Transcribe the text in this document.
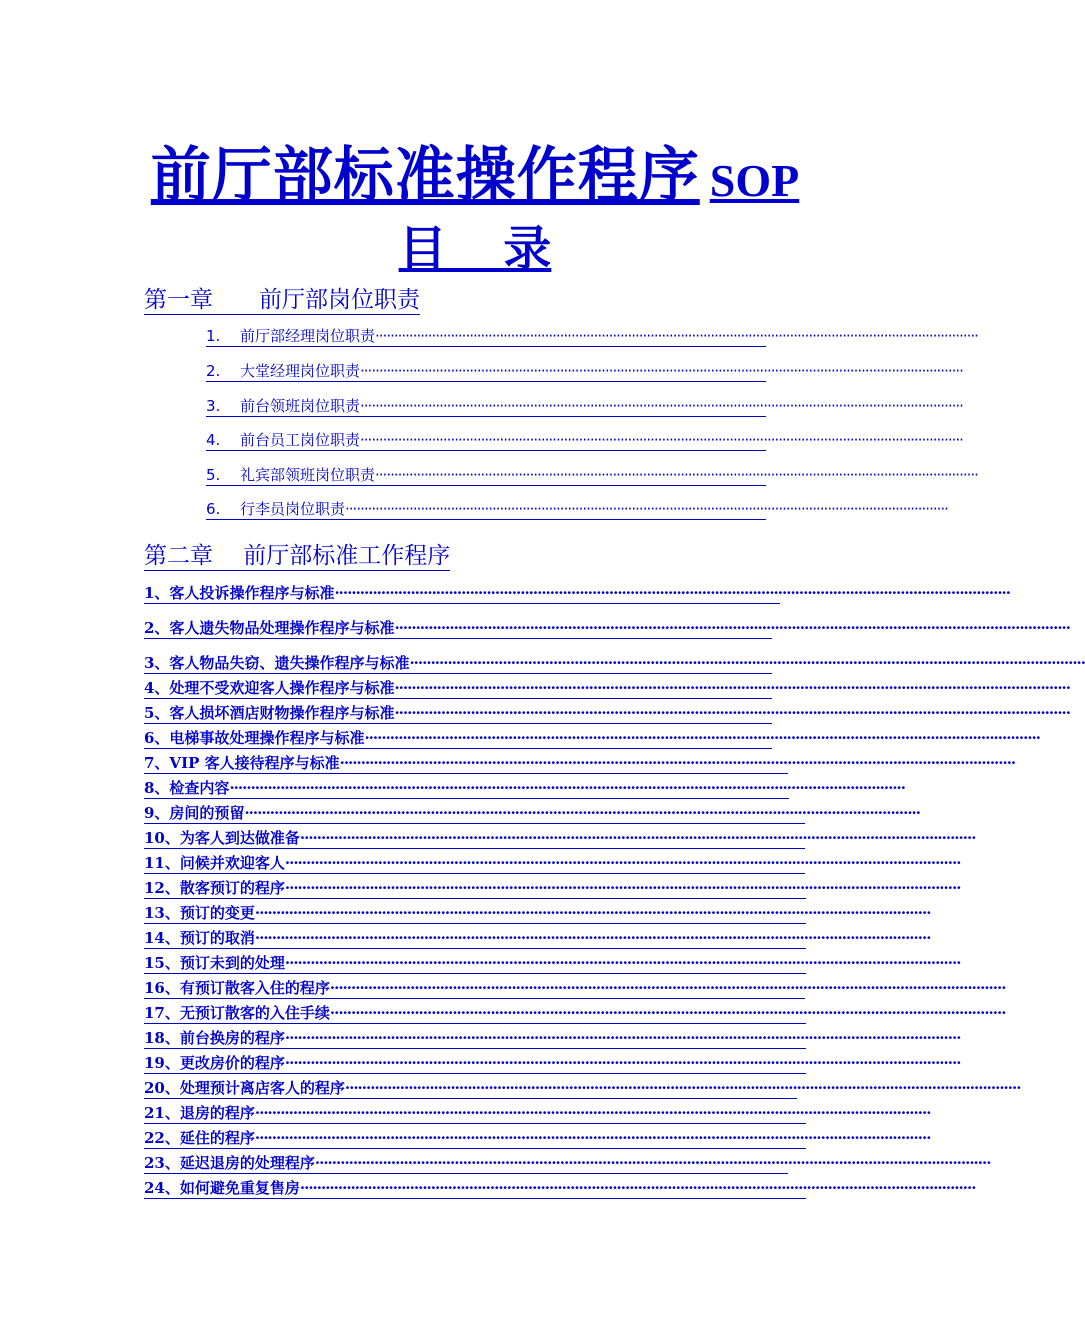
前厅部标准操作程序 SOP
目 录
第一章　　前厅部岗位职责
1.	前厅部经理岗位职责 ································································································································································
2.	大堂经理岗位职责 ································································································································································
3.	前台领班岗位职责 ································································································································································
4.	前台员工岗位职责 ································································································································································
5.	礼宾部领班岗位职责 ································································································································································
6.	行李员岗位职责 ································································································································································
第二章　 前厅部标准工作程序
1、客人投诉操作程序与标准 ································································································································································
2、客人遗失物品处理操作程序与标准 ································································································································································
3、客人物品失窃、遗失操作程序与标准 ································································································································································
4、处理不受欢迎客人操作程序与标准 ································································································································································
5、客人损坏酒店财物操作程序与标准 ································································································································································
6、电梯事故处理操作程序与标准 ································································································································································
7、VIP 客人接待程序与标准 ································································································································································
8、检查内容 ································································································································································
9、房间的预留 ································································································································································
10、为客人到达做准备 ································································································································································
11、问候并欢迎客人 ································································································································································
12、散客预订的程序 ································································································································································
13、预订的变更 ································································································································································
14、预订的取消 ································································································································································
15、预订未到的处理 ································································································································································
16、有预订散客入住的程序 ································································································································································
17、无预订散客的入住手续 ································································································································································
18、前台换房的程序 ································································································································································
19、更改房价的程序 ································································································································································
20、处理预计离店客人的程序 ································································································································································
21、退房的程序 ································································································································································
22、延住的程序 ································································································································································
23、延迟退房的处理程序 ································································································································································
24、如何避免重复售房 ································································································································································
